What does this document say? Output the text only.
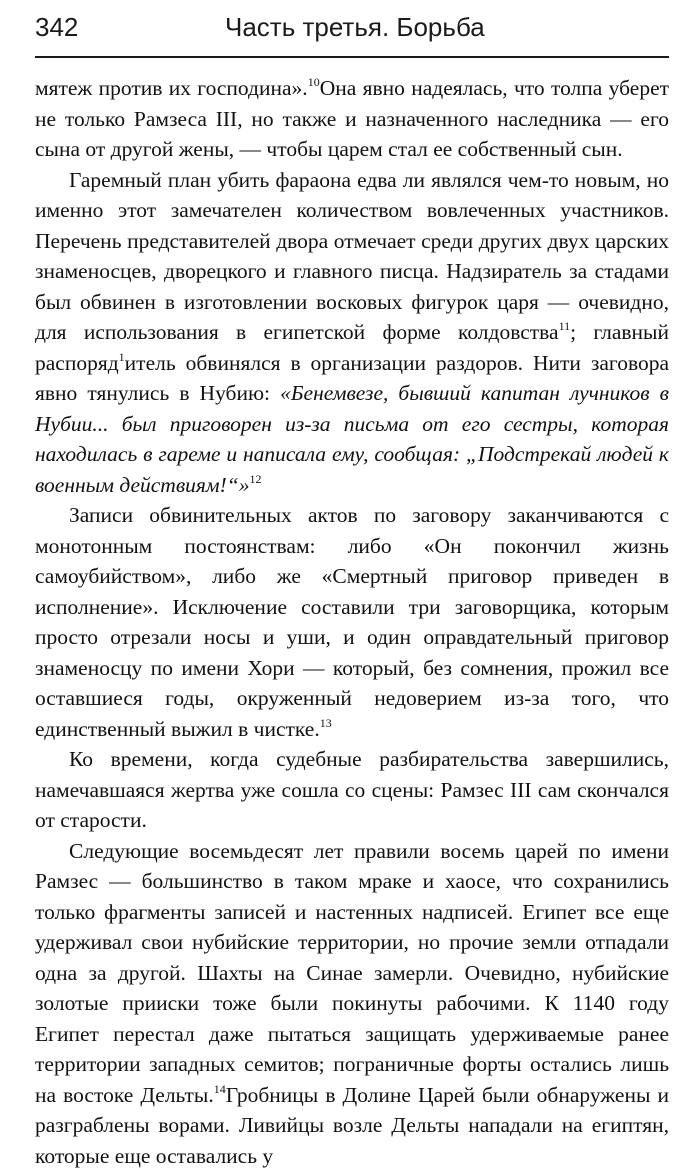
342	Часть третья. Борьба

мятеж против их господина».$^{10}$Она явно надеялась, что толпа уберет не только Рамзеса III, но также и назначенного наследника — его сына от другой жены, — чтобы царем стал ее собственный сын.

Гаремный план убить фараона едва ли являлся чем-то новым, но именно этот замечателен количеством вовлеченных участников. Перечень представителей двора отмечает среди других двух царских знаменосцев, дворецкого и главного писца. Надзиратель за стадами был обвинен в изготовлении восковых фигурок царя — очевидно, для использования в египетской форме колдовства$^{11}$; главный распоряд$^1$итель обвинялся в организации раздоров. Нити заговора явно тянулись в Нубию: «Бенемвезе, бывший капитан лучников в Нубии... был приговорен из-за письма от его сестры, которая находилась в гареме и написала ему, сообщая: „Подстрекай людей к военным действиям!“»$^{12}$

Записи обвинительных актов по заговору заканчиваются с монотонным постоянствам: либо «Он покончил жизнь самоубийством», либо же «Смертный приговор приведен в исполнение». Исключение составили три заговорщика, которым просто отрезали носы и уши, и один оправдательный приговор знаменосцу по имени Хори — который, без сомнения, прожил все оставшиеся годы, окруженный недоверием из-за того, что единственный выжил в чистке.$^{13}$

Ко времени, когда судебные разбирательства завершились, намечавшаяся жертва уже сошла со сцены: Рамзес III сам скончался от старости.

Следующие восемьдесят лет правили восемь царей по имени Рамзес — большинство в таком мраке и хаосе, что сохранились только фрагменты записей и настенных надписей. Египет все еще удерживал свои нубийские территории, но прочие земли отпадали одна за другой. Шахты на Синае замерли. Очевидно, нубийские золотые прииски тоже были покинуты рабочими. К 1140 году Египет перестал даже пытаться защищать удерживаемые ранее территории западных семитов; пограничные форты остались лишь на востоке Дельты.$^{14}$Гробницы в Долине Царей были обнаружены и разграблены ворами. Ливийцы возле Дельты нападали на египтян, которые еще оставались у
